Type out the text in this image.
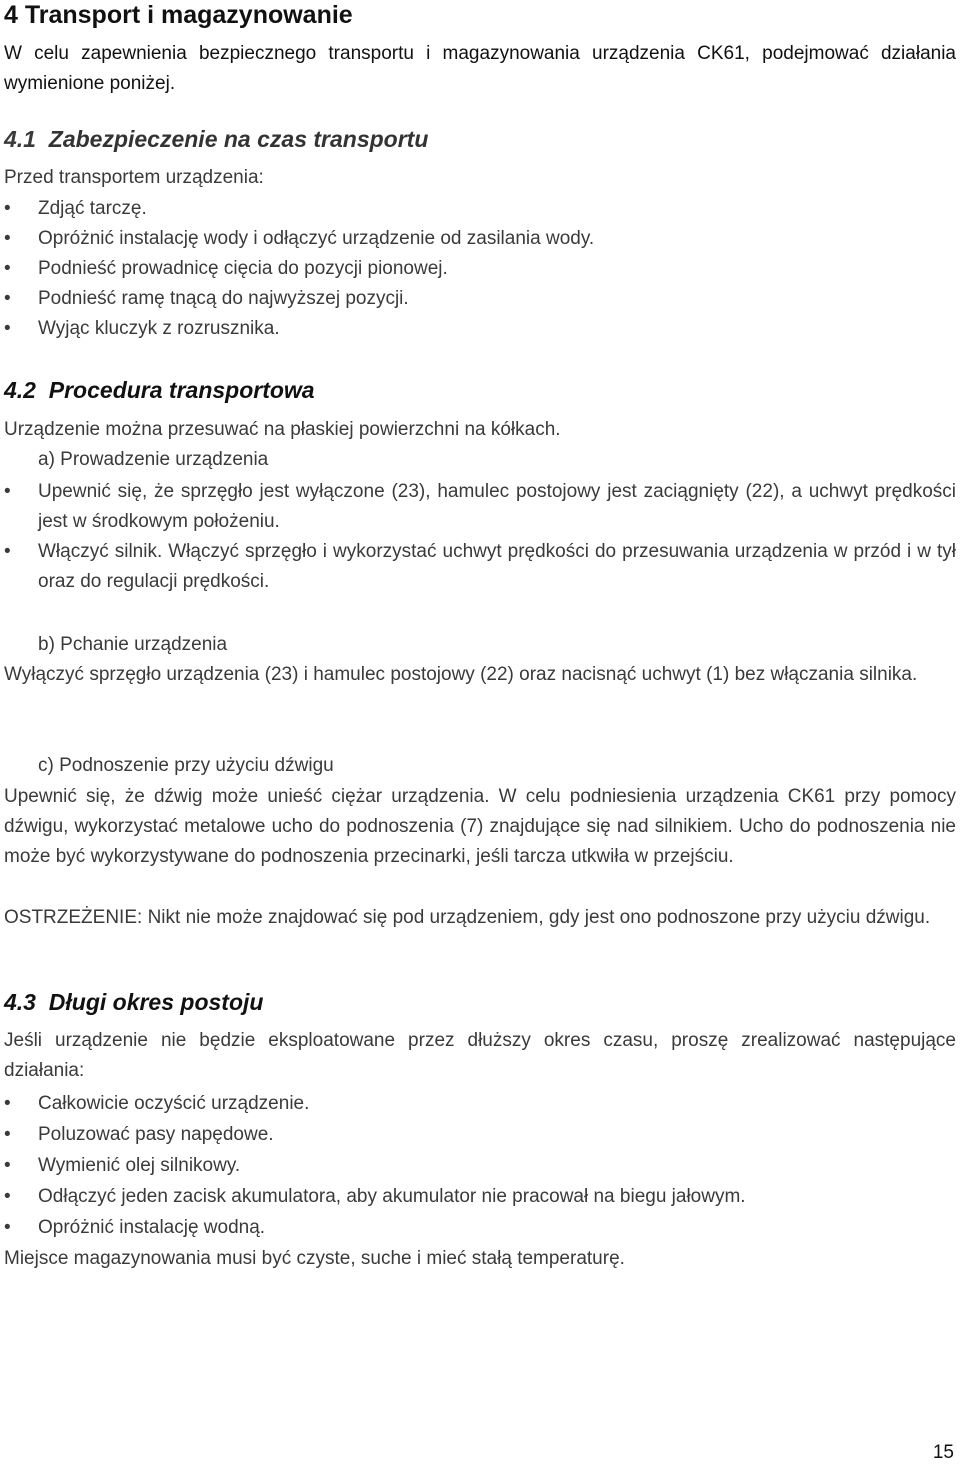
4 Transport i magazynowanie

W celu zapewnienia bezpiecznego transportu i magazynowania urządzenia CK61, podejmować działania wymienione poniżej.

4.1 Zabezpieczenie na czas transportu

Przed transportem urządzenia:

• Zdjąć tarczę.
• Opróżnić instalację wody i odłączyć urządzenie od zasilania wody.
• Podnieść prowadnicę cięcia do pozycji pionowej.
• Podnieść ramę tnącą do najwyższej pozycji.
• Wyjąc kluczyk z rozrusznika.
4.2 Procedura transportowa

Urządzenie można przesuwać na płaskiej powierzchni na kółkach.

a) Prowadzenie urządzenia

• Upewnić się, że sprzęgło jest wyłączone (23), hamulec postojowy jest zaciągnięty (22), a uchwyt prędkości jest w środkowym położeniu.
• Włączyć silnik. Włączyć sprzęgło i wykorzystać uchwyt prędkości do przesuwania urządzenia w przód i w tył oraz do regulacji prędkości.

b) Pchanie urządzenia

Wyłączyć sprzęgło urządzenia (23) i hamulec postojowy (22) oraz nacisnąć uchwyt (1) bez włączania silnika.

c) Podnoszenie przy użyciu dźwigu

Upewnić się, że dźwig może unieść ciężar urządzenia. W celu podniesienia urządzenia CK61 przy pomocy dźwigu, wykorzystać metalowe ucho do podnoszenia (7) znajdujące się nad silnikiem. Ucho do podnoszenia nie może być wykorzystywane do podnoszenia przecinarki, jeśli tarcza utkwiła w przejściu.

OSTRZEŻENIE: Nikt nie może znajdować się pod urządzeniem, gdy jest ono podnoszone przy użyciu dźwigu.

4.3 Długi okres postoju

Jeśli urządzenie nie będzie eksploatowane przez dłuższy okres czasu, proszę zrealizować następujące działania:

• Całkowicie oczyścić urządzenie.
• Poluzować pasy napędowe.
• Wymienić olej silnikowy.
• Odłączyć jeden zacisk akumulatora, aby akumulator nie pracował na biegu jałowym.
• Opróżnić instalację wodną.

Miejsce magazynowania musi być czyste, suche i mieć stałą temperaturę.

15
